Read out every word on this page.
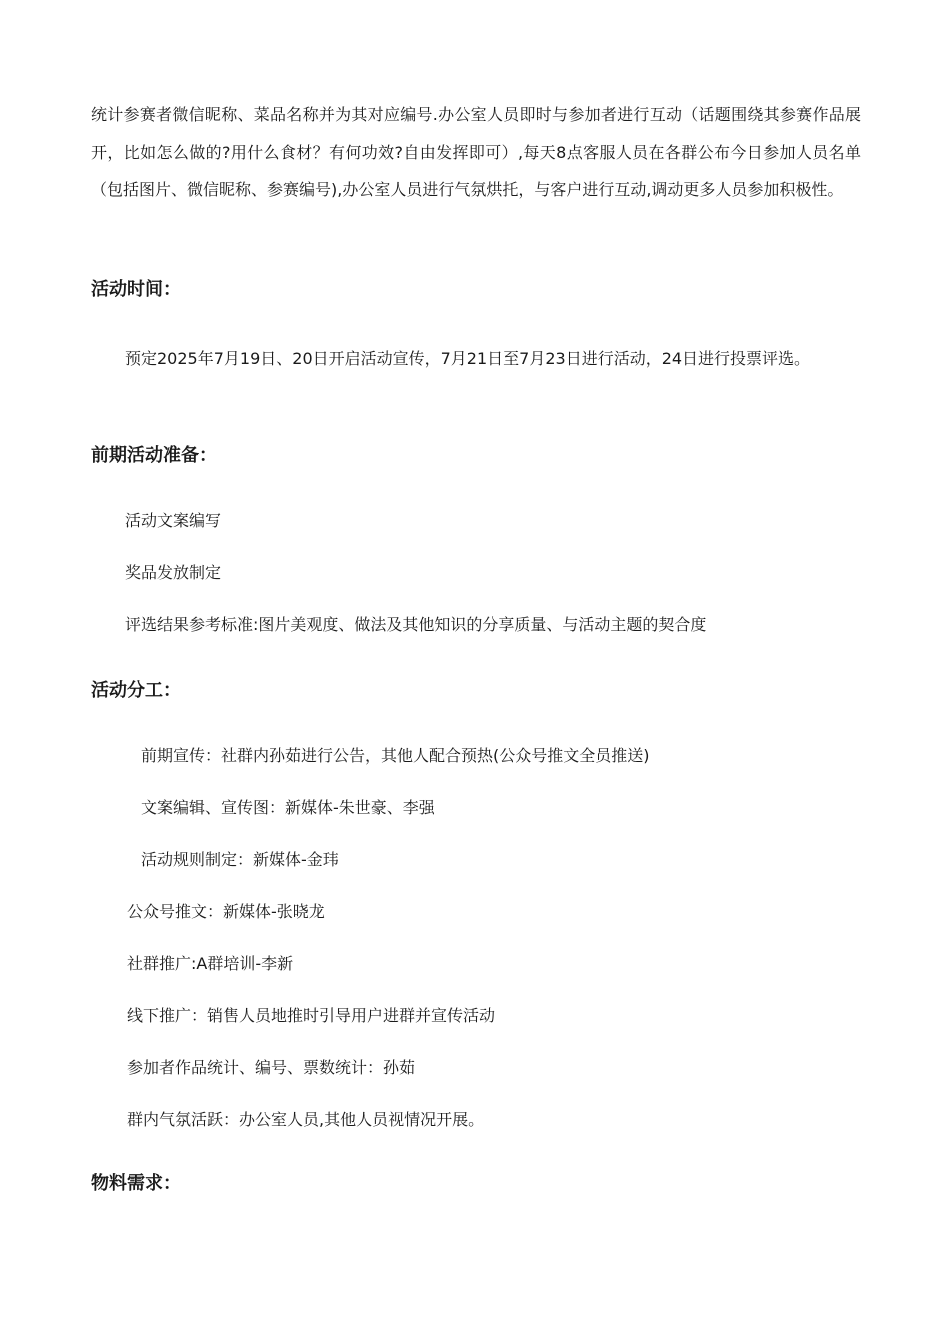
统计参赛者微信昵称、菜品名称并为其对应编号.办公室人员即时与参加者进行互动（话题围绕其参赛作品展开，比如怎么做的?用什么食材？有何功效?自由发挥即可）,每天8点客服人员在各群公布今日参加人员名单（包括图片、微信昵称、参赛编号),办公室人员进行气氛烘托，与客户进行互动,调动更多人员参加积极性。

活动时间：

预定2025年7月19日、20日开启活动宣传，7月21日至7月23日进行活动，24日进行投票评选。

前期活动准备：

活动文案编写

奖品发放制定

评选结果参考标准:图片美观度、做法及其他知识的分享质量、与活动主题的契合度

活动分工：

前期宣传：社群内孙茹进行公告，其他人配合预热(公众号推文全员推送)

文案编辑、宣传图：新媒体-朱世豪、李强

活动规则制定：新媒体-金玮

公众号推文：新媒体-张晓龙

社群推广:A群培训-李新

线下推广：销售人员地推时引导用户进群并宣传活动

参加者作品统计、编号、票数统计：孙茹

群内气氛活跃：办公室人员,其他人员视情况开展。

物料需求：
